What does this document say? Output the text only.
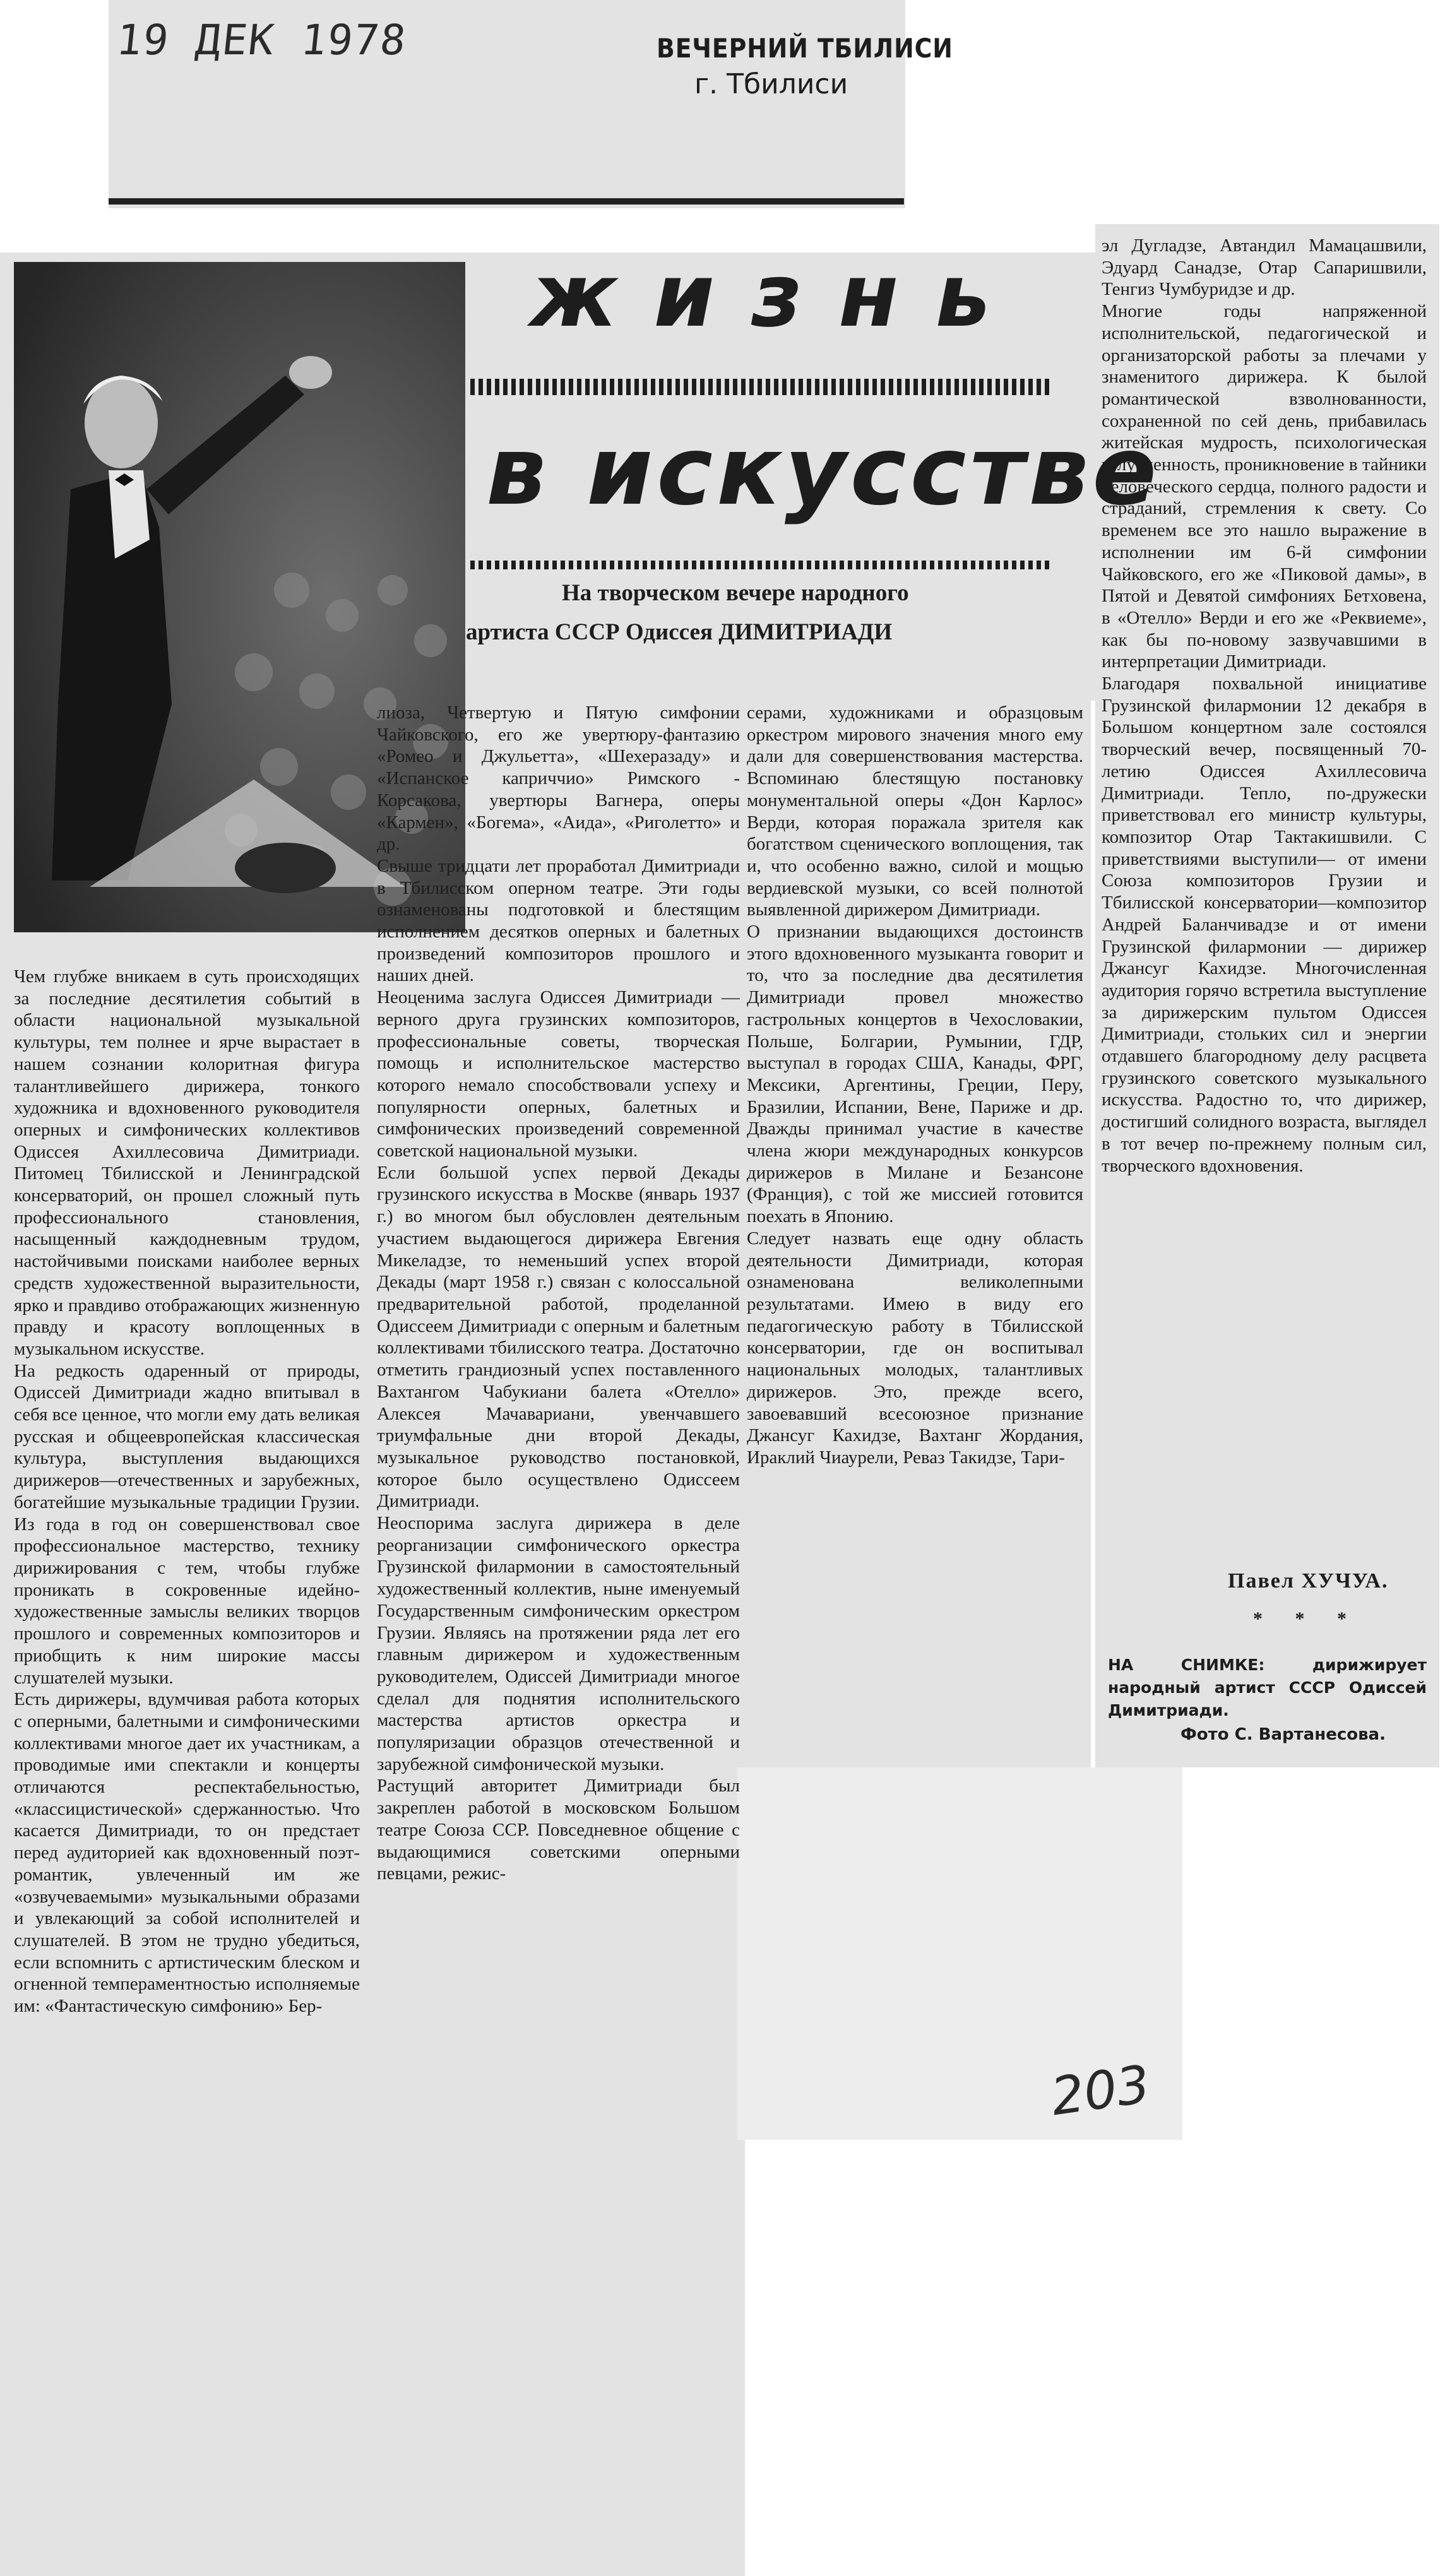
19 ДЕК 1978	ВЕЧЕРНИЙ ТБИЛИСИ
г. Тбилиси
жизнь
в искусстве
На творческом вечере народного
артиста СССР Одиссея ДИМИТРИАДИ

Чем глубже вникаем в суть происходящих за последние десятилетия событий в области национальной музыкальной культуры, тем полнее и ярче вырастает в нашем сознании колоритная фигура талантливейшего дирижера, тонкого художника и вдохновенного руководителя оперных и симфонических коллективов Одиссея Ахиллесовича Димитриади. Питомец Тбилисской и Ленинградской консерваторий, он прошел сложный путь профессионального становления, насыщенный каждодневным трудом, настойчивыми поисками наиболее верных средств художественной выразительности, ярко и правдиво отображающих жизненную правду и красоту воплощенных в музыкальном искусстве.
На редкость одаренный от природы, Одиссей Димитриади жадно впитывал в себя все ценное, что могли ему дать великая русская и общеевропейская классическая культура, выступления выдающихся дирижеров—отечественных и зарубежных, богатейшие музыкальные традиции Грузии. Из года в год он совершенствовал свое профессиональное мастерство, технику дирижирования с тем, чтобы глубже проникать в сокровенные идейно-художественные замыслы великих творцов прошлого и современных композиторов и приобщить к ним широкие массы слушателей музыки.
Есть дирижеры, вдумчивая работа которых с оперными, балетными и симфоническими коллективами многое дает их участникам, а проводимые ими спектакли и концерты отличаются респектабельностью, «классицистической» сдержанностью. Что касается Димитриади, то он предстает перед аудиторией как вдохновенный поэт-романтик, увлеченный им же «озвучеваемыми» музыкальными образами и увлекающий за собой исполнителей и слушателей. В этом не трудно убедиться, если вспомнить с артистическим блеском и огненной темпераментностью исполняемые им: «Фантастическую симфонию» Бер-

лиоза, Четвертую и Пятую симфонии Чайковского, его же увертюру-фантазию «Ромео и Джульетта», «Шехеразаду» и «Испанское каприччио» Римского - Корсакова, увертюры Вагнера, оперы «Кармен», «Богема», «Аида», «Риголетто» и др.
Свыше тридцати лет проработал Димитриади в Тбилисском оперном театре. Эти годы ознаменованы подготовкой и блестящим исполнением десятков оперных и балетных произведений композиторов прошлого и наших дней.
Неоценима заслуга Одиссея Димитриади — верного друга грузинских композиторов, профессиональные советы, творческая помощь и исполнительское мастерство которого немало способствовали успеху и популярности оперных, балетных и симфонических произведений современной советской национальной музыки.
Если большой успех первой Декады грузинского искусства в Москве (январь 1937 г.) во многом был обусловлен деятельным участием выдающегося дирижера Евгения Микеладзе, то неменьший успех второй Декады (март 1958 г.) связан с колоссальной предварительной работой, проделанной Одиссеем Димитриади с оперным и балетным коллективами тбилисского театра. Достаточно отметить грандиозный успех поставленного Вахтангом Чабукиани балета «Отелло» Алексея Мачавариани, увенчавшего триумфальные дни второй Декады, музыкальное руководство постановкой, которое было осуществлено Одиссеем Димитриади.
Неоспорима заслуга дирижера в деле реорганизации симфонического оркестра Грузинской филармонии в самостоятельный художественный коллектив, ныне именуемый Государственным симфоническим оркестром Грузии. Являясь на протяжении ряда лет его главным дирижером и художественным руководителем, Одиссей Димитриади многое сделал для поднятия исполнительского мастерства артистов оркестра и популяризации образцов отечественной и зарубежной симфонической музыки.
Растущий авторитет Димитриади был закреплен работой в московском Большом театре Союза ССР. Повседневное общение с выдающимися советскими оперными певцами, режис-

серами, художниками и образцовым оркестром мирового значения много ему дали для совершенствования мастерства. Вспоминаю блестящую постановку монументальной оперы «Дон Карлос» Верди, которая поражала зрителя как богатством сценического воплощения, так и, что особенно важно, силой и мощью вердиевской музыки, со всей полнотой выявленной дирижером Димитриади.
О признании выдающихся достоинств этого вдохновенного музыканта говорит и то, что за последние два десятилетия Димитриади провел множество гастрольных концертов в Чехословакии, Польше, Болгарии, Румынии, ГДР, выступал в городах США, Канады, ФРГ, Мексики, Аргентины, Греции, Перу, Бразилии, Испании, Вене, Париже и др. Дважды принимал участие в качестве члена жюри международных конкурсов дирижеров в Милане и Безансоне (Франция), с той же миссией готовится поехать в Японию.
Следует назвать еще одну область деятельности Димитриади, которая ознаменована великолепными результатами. Имею в виду его педагогическую работу в Тбилисской консерватории, где он воспитывал национальных молодых, талантливых дирижеров. Это, прежде всего, завоевавший всесоюзное признание Джансуг Кахидзе, Вахтанг Жордания, Ираклий Чиаурели, Реваз Такидзе, Тари-

эл Дугладзе, Автандил Мамацашвили, Эдуард Санадзе, Отар Сапаришвили, Тенгиз Чумбуридзе и др.
Многие годы напряженной исполнительской, педагогической и организаторской работы за плечами у знаменитого дирижера. К былой романтической взволнованности, сохраненной по сей день, прибавилась житейская мудрость, психологическая углубленность, проникновение в тайники человеческого сердца, полного радости и страданий, стремления к свету. Со временем все это нашло выражение в исполнении им 6-й симфонии Чайковского, его же «Пиковой дамы», в Пятой и Девятой симфониях Бетховена, в «Отелло» Верди и его же «Реквиеме», как бы по-новому зазвучавшими в интерпретации Димитриади.
Благодаря похвальной инициативе Грузинской филармонии 12 декабря в Большом концертном зале состоялся творческий вечер, посвященный 70-летию Одиссея Ахиллесовича Димитриади. Тепло, по-дружески приветствовал его министр культуры, композитор Отар Тактакишвили. С приветствиями выступили— от имени Союза композиторов Грузии и Тбилисской консерватории—композитор Андрей Баланчивадзе и от имени Грузинской филармонии — дирижер Джансуг Кахидзе. Многочисленная аудитория горячо встретила выступление за дирижерским пультом Одиссея Димитриади, стольких сил и энергии отдавшего благородному делу расцвета грузинского советского музыкального искусства. Радостно то, что дирижер, достигший солидного возраста, выглядел в тот вечер по-прежнему полным сил, творческого вдохновения.

Павел ХУЧУА.
* * *
НА СНИМКЕ: дирижирует народный артист СССР Одиссей Димитриади.
Фото С. Вартанесова.
203
